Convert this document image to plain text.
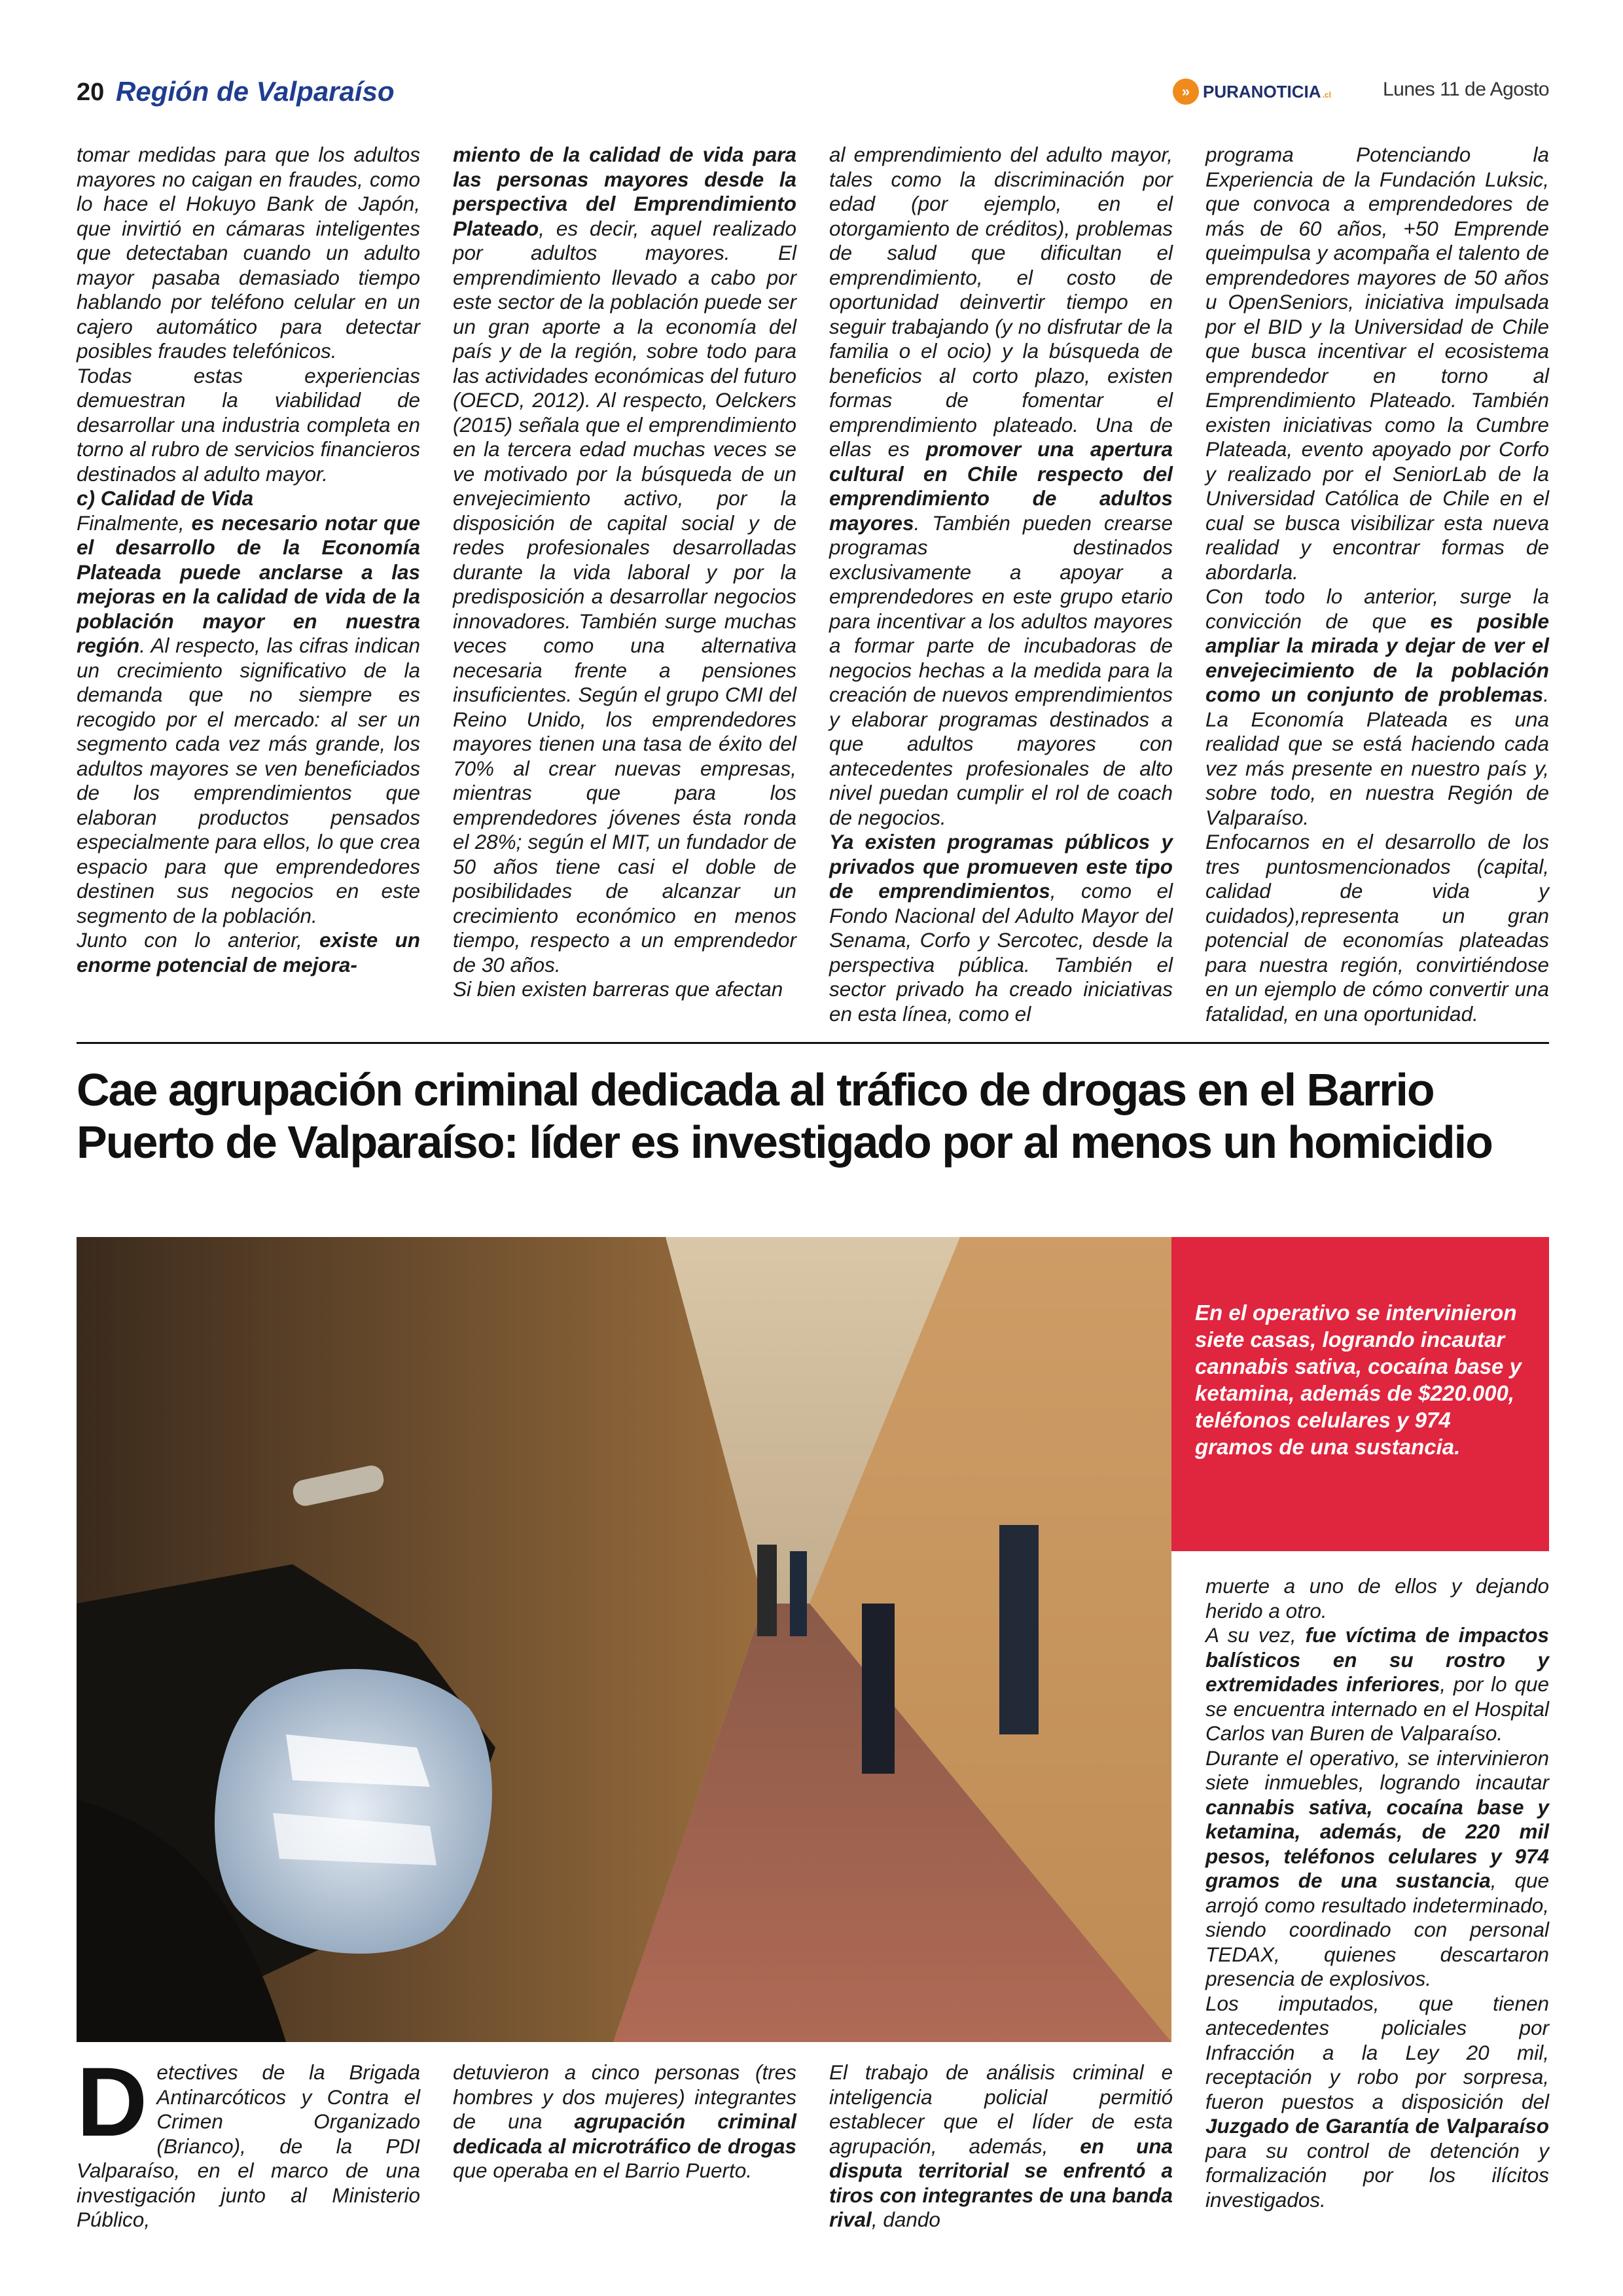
20 Región de Valparaíso	» PURANOTICIA .cl	Lunes 11 de Agosto

tomar medidas para que los adultos mayores no caigan en fraudes, como lo hace el Hokuyo Bank de Japón, que invirtió en cámaras inteligentes que detectaban cuando un adulto mayor pasaba demasiado tiempo hablando por teléfono celular en un cajero automático para detectar posibles fraudes telefónicos.

Todas estas experiencias demuestran la viabilidad de desarrollar una industria completa en torno al rubro de servicios financieros destinados al adulto mayor.

c) Calidad de Vida

Finalmente, es necesario notar que el desarrollo de la Economía Plateada puede anclarse a las mejoras en la calidad de vida de la población mayor en nuestra región. Al respecto, las cifras indican un crecimiento significativo de la demanda que no siempre es recogido por el mercado: al ser un segmento cada vez más grande, los adultos mayores se ven beneficiados de los emprendimientos que elaboran productos pensados especialmente para ellos, lo que crea espacio para que emprendedores destinen sus negocios en este segmento de la población.

Junto con lo anterior, existe un enorme potencial de mejora-

miento de la calidad de vida para las personas mayores desde la perspectiva del Emprendimiento Plateado, es decir, aquel realizado por adultos mayores. El emprendimiento llevado a cabo por este sector de la población puede ser un gran aporte a la economía del país y de la región, sobre todo para las actividades económicas del futuro (OECD, 2012). Al respecto, Oelckers (2015) señala que el emprendimiento en la tercera edad muchas veces se ve motivado por la búsqueda de un envejecimiento activo, por la disposición de capital social y de redes profesionales desarrolladas durante la vida laboral y por la predisposición a desarrollar negocios innovadores. También surge muchas veces como una alternativa necesaria frente a pensiones insuficientes. Según el grupo CMI del Reino Unido, los emprendedores mayores tienen una tasa de éxito del 70% al crear nuevas empresas, mientras que para los emprendedores jóvenes ésta ronda el 28%; según el MIT, un fundador de 50 años tiene casi el doble de posibilidades de alcanzar un crecimiento económico en menos tiempo, respecto a un emprendedor de 30 años.

Si bien existen barreras que afectan

al emprendimiento del adulto mayor, tales como la discriminación por edad (por ejemplo, en el otorgamiento de créditos), problemas de salud que dificultan el emprendimiento, el costo de oportunidad deinvertir tiempo en seguir trabajando (y no disfrutar de la familia o el ocio) y la búsqueda de beneficios al corto plazo, existen formas de fomentar el emprendimiento plateado. Una de ellas es promover una apertura cultural en Chile respecto del emprendimiento de adultos mayores. También pueden crearse programas destinados exclusivamente a apoyar a emprendedores en este grupo etario para incentivar a los adultos mayores a formar parte de incubadoras de negocios hechas a la medida para la creación de nuevos emprendimientos y elaborar programas destinados a que adultos mayores con antecedentes profesionales de alto nivel puedan cumplir el rol de coach de negocios.

Ya existen programas públicos y privados que promueven este tipo de emprendimientos, como el Fondo Nacional del Adulto Mayor del Senama, Corfo y Sercotec, desde la perspectiva pública. También el sector privado ha creado iniciativas en esta línea, como el

programa Potenciando la Experiencia de la Fundación Luksic, que convoca a emprendedores de más de 60 años, +50 Emprende queimpulsa y acompaña el talento de emprendedores mayores de 50 años u OpenSeniors, iniciativa impulsada por el BID y la Universidad de Chile que busca incentivar el ecosistema emprendedor en torno al Emprendimiento Plateado. También existen iniciativas como la Cumbre Plateada, evento apoyado por Corfo y realizado por el SeniorLab de la Universidad Católica de Chile en el cual se busca visibilizar esta nueva realidad y encontrar formas de abordarla.

Con todo lo anterior, surge la convicción de que es posible ampliar la mirada y dejar de ver el envejecimiento de la población como un conjunto de problemas. La Economía Plateada es una realidad que se está haciendo cada vez más presente en nuestro país y, sobre todo, en nuestra Región de Valparaíso.

Enfocarnos en el desarrollo de los tres puntosmencionados (capital, calidad de vida y cuidados),representa un gran potencial de economías plateadas para nuestra región, convirtiéndose en un ejemplo de cómo convertir una fatalidad, en una oportunidad.

Cae agrupación criminal dedicada al tráfico de drogas en el Barrio Puerto de Valparaíso: líder es investigado por al menos un homicidio

En el operativo se intervinieron siete casas, logrando incautar cannabis sativa, cocaína base y ketamina, además de $220.000, teléfonos celulares y 974 gramos de una sustancia.

Detectives de la Brigada Antinarcóticos y Contra el Crimen Organizado (Brianco), de la PDI Valparaíso, en el marco de una investigación junto al Ministerio Público,
detuvieron a cinco personas (tres hombres y dos mujeres) integrantes de una agrupación criminal dedicada al microtráfico de drogas que operaba en el Barrio Puerto.
El trabajo de análisis criminal e inteligencia policial permitió establecer que el líder de esta agrupación, además, en una disputa territorial se enfrentó a tiros con integrantes de una banda rival, dando

muerte a uno de ellos y dejando herido a otro.

A su vez, fue víctima de impactos balísticos en su rostro y extremidades inferiores, por lo que se encuentra internado en el Hospital Carlos van Buren de Valparaíso.

Durante el operativo, se intervinieron siete inmuebles, logrando incautar cannabis sativa, cocaína base y ketamina, además, de 220 mil pesos, teléfonos celulares y 974 gramos de una sustancia, que arrojó como resultado indeterminado, siendo coordinado con personal TEDAX, quienes descartaron presencia de explosivos.

Los imputados, que tienen antecedentes policiales por Infracción a la Ley 20 mil, receptación y robo por sorpresa, fueron puestos a disposición del Juzgado de Garantía de Valparaíso para su control de detención y formalización por los ilícitos investigados.
